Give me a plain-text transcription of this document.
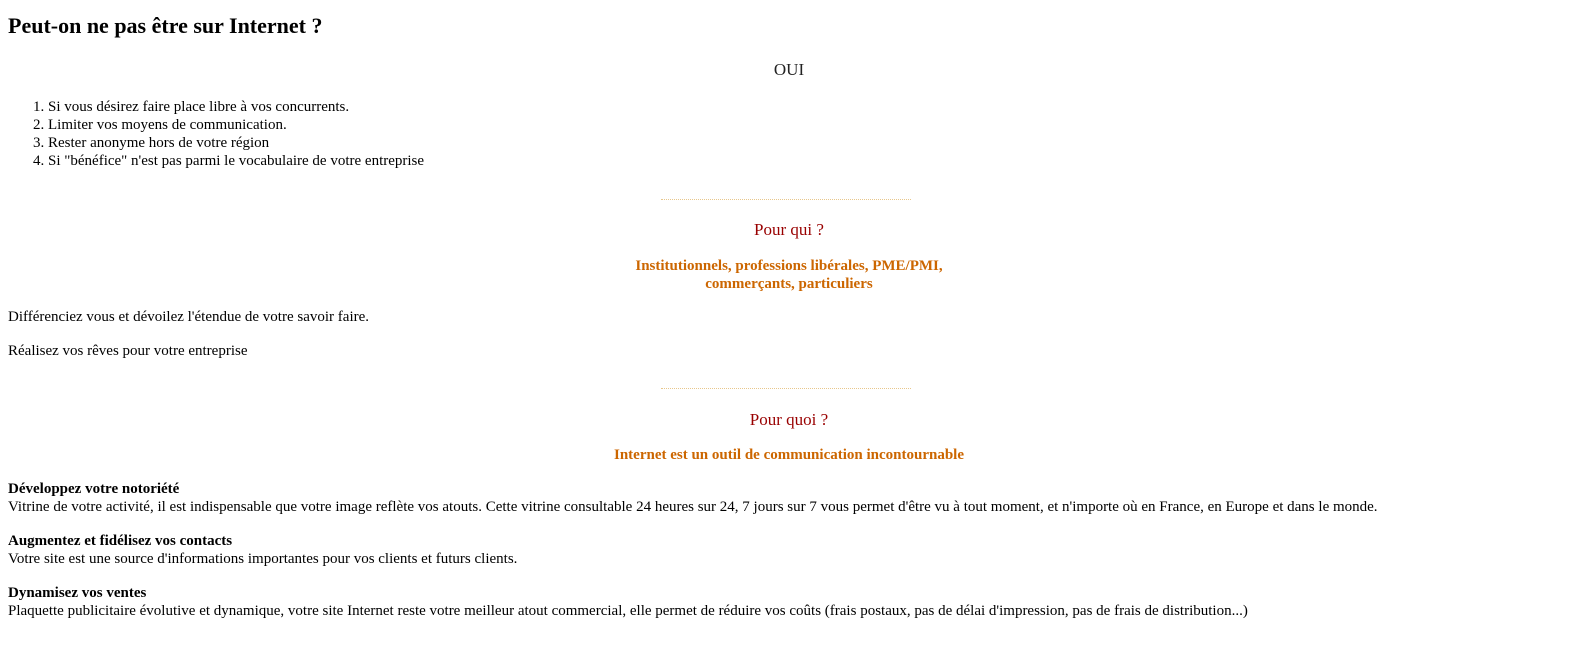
Peut-on ne pas être sur Internet ?
OUI
1. Si vous désirez faire place libre à vos concurrents.
2. Limiter vos moyens de communication.
3. Rester anonyme hors de votre région
4. Si "bénéfice" n'est pas parmi le vocabulaire de votre entreprise
Pour qui ?
Institutionnels, professions libérales, PME/PMI,
commerçants, particuliers

Différenciez vous et dévoilez l'étendue de votre savoir faire.

Réalisez vos rêves pour votre entreprise

Pour quoi ?
Internet est un outil de communication incontournable
Développez votre notoriété
Vitrine de votre activité, il est indispensable que votre image reflète vos atouts. Cette vitrine consultable 24 heures sur 24, 7 jours sur 7 vous permet d'être vu à tout moment, et n'importe où en France, en Europe et dans le monde.
Augmentez et fidélisez vos contacts
Votre site est une source d'informations importantes pour vos clients et futurs clients.
Dynamisez vos ventes
Plaquette publicitaire évolutive et dynamique, votre site Internet reste votre meilleur atout commercial, elle permet de réduire vos coûts (frais postaux, pas de délai d'impression, pas de frais de distribution...)
